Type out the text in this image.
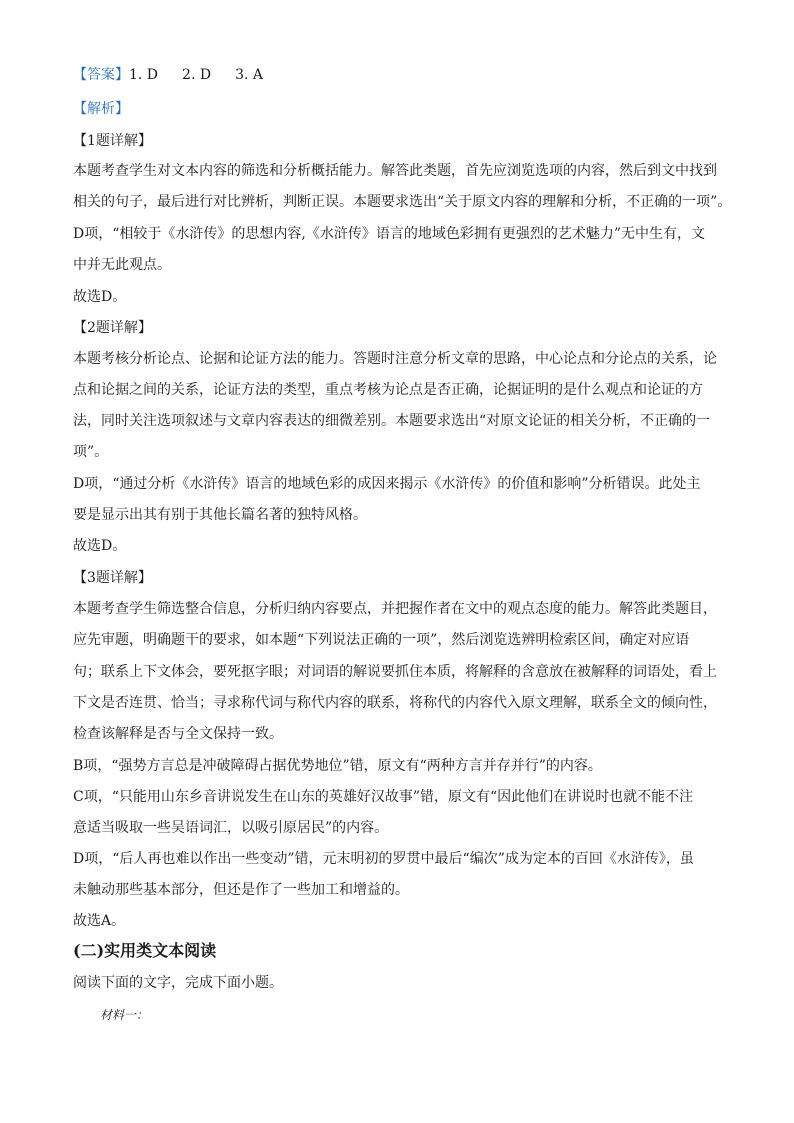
【答案】1. D 2. D 3. A
【解析】
【1题详解】
本题考查学生对文本内容的筛选和分析概括能力。解答此类题，首先应浏览选项的内容，然后到文中找到
相关的句子，最后进行对比辨析，判断正误。本题要求选出“关于原文内容的理解和分析，不正确的一项”。
D项，“相较于《水浒传》的思想内容,《水浒传》语言的地域色彩拥有更强烈的艺术魅力”无中生有，文
中并无此观点。
故选D。
【2题详解】
本题考核分析论点、论据和论证方法的能力。答题时注意分析文章的思路，中心论点和分论点的关系，论
点和论据之间的关系，论证方法的类型，重点考核为论点是否正确，论据证明的是什么观点和论证的方
法，同时关注选项叙述与文章内容表达的细微差别。本题要求选出“对原文论证的相关分析，不正确的一
项”。
D项，“通过分析《水浒传》语言的地域色彩的成因来揭示《水浒传》的价值和影响”分析错误。此处主
要是显示出其有别于其他长篇名著的独特风格。
故选D。
【3题详解】
本题考查学生筛选整合信息，分析归纳内容要点，并把握作者在文中的观点态度的能力。解答此类题目，
应先审题，明确题干的要求，如本题“下列说法正确的一项”，然后浏览选辨明检索区间，确定对应语
句；联系上下文体会，要死抠字眼；对词语的解说要抓住本质，将解释的含意放在被解释的词语处，看上
下文是否连贯、恰当；寻求称代词与称代内容的联系，将称代的内容代入原文理解，联系全文的倾向性，
检查该解释是否与全文保持一致。
B项，“强势方言总是冲破障碍占据优势地位”错，原文有“两种方言并存并行”的内容。
C项，“只能用山东乡音讲说发生在山东的英雄好汉故事”错，原文有“因此他们在讲说时也就不能不注
意适当吸取一些吴语词汇，以吸引原居民”的内容。
D项，“后人再也难以作出一些变动”错，元末明初的罗贯中最后“编次”成为定本的百回《水浒传》，虽
未触动那些基本部分，但还是作了一些加工和增益的。
故选A。
(二)实用类文本阅读
阅读下面的文字，完成下面小题。
材料一：
